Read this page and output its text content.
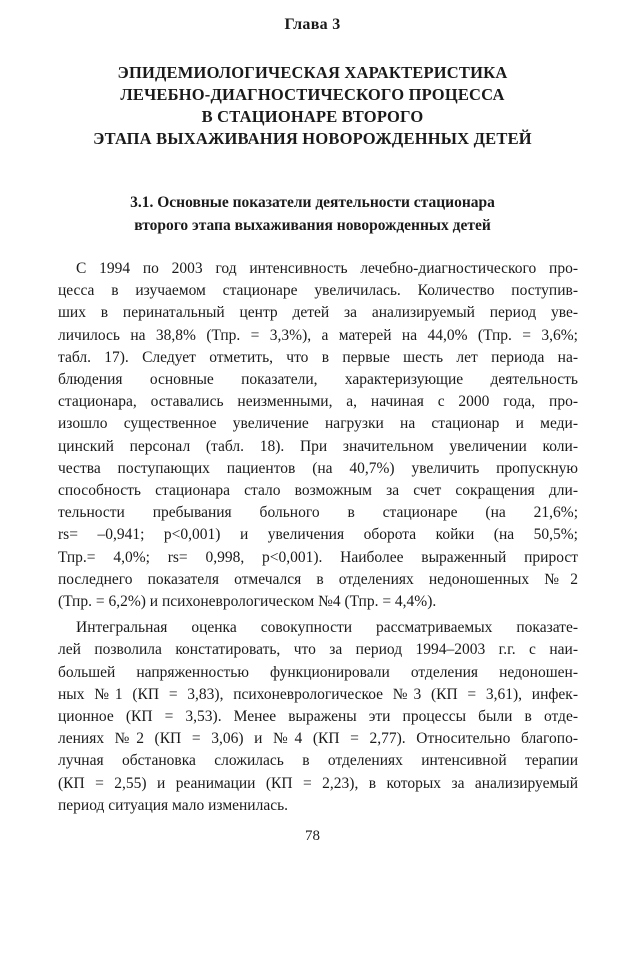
Глава 3
ЭПИДЕМИОЛОГИЧЕСКАЯ ХАРАКТЕРИСТИКА
ЛЕЧЕБНО-ДИАГНОСТИЧЕСКОГО ПРОЦЕССА
В СТАЦИОНАРЕ ВТОРОГО
ЭТАПА ВЫХАЖИВАНИЯ НОВОРОЖДЕННЫХ ДЕТЕЙ
3.1. Основные показатели деятельности стационара
второго этапа выхаживания новорожденных детей
С 1994 по 2003 год интенсивность лечебно-диагностического про-
цесса в изучаемом стационаре увеличилась. Количество поступив-
ших в перинатальный центр детей за анализируемый период уве-
личилось на 38,8% (Тпр. = 3,3%), а матерей на 44,0% (Тпр. = 3,6%;
табл. 17). Следует отметить, что в первые шесть лет периода на-
блюдения основные показатели, характеризующие деятельность
стационара, оставались неизменными, а, начиная с 2000 года, про-
изошло существенное увеличение нагрузки на стационар и меди-
цинский персонал (табл. 18). При значительном увеличении коли-
чества поступающих пациентов (на 40,7%) увеличить пропускную
способность стационара стало возможным за счет сокращения дли-
тельности пребывания больного в стационаре (на 21,6%;
rs= –0,941; p<0,001) и увеличения оборота койки (на 50,5%;
Тпр.= 4,0%; rs= 0,998, p<0,001). Наиболее выраженный прирост
последнего показателя отмечался в отделениях недоношенных №2
(Тпр. = 6,2%) и психоневрологическом №4 (Тпр. = 4,4%).
Интегральная оценка совокупности рассматриваемых показате-
лей позволила констатировать, что за период 1994–2003 г.г. с наи-
большей напряженностью функционировали отделения недоношен-
ных №1 (КП = 3,83), психоневрологическое №3 (КП = 3,61), инфек-
ционное (КП = 3,53). Менее выражены эти процессы были в отде-
лениях №2 (КП = 3,06) и №4 (КП = 2,77). Относительно благопо-
лучная обстановка сложилась в отделениях интенсивной терапии
(КП = 2,55) и реанимации (КП = 2,23), в которых за анализируемый
период ситуация мало изменилась.
78
